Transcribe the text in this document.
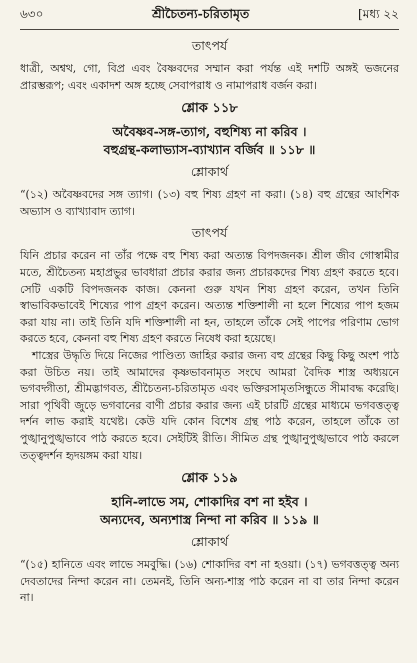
৬৩০	শ্রীচৈতন্য-চরিতামৃত	[মধ্য ২২
তাৎপর্য

ধাত্রী, অশ্বথ, গো, বিপ্র এবং বৈষ্ণবদের সম্মান করা পর্যন্ত এই দশটি অঙ্গই ভজনের প্রারম্ভরূপ; এবং একাদশ অঙ্গ হচ্ছে সেবাপরাধ ও নামাপরাধ বর্জন করা।

শ্লোক ১১৮

অবৈষ্ণব-সঙ্গ-ত্যাগ, বহুশিষ্য না করিব ।

বহুগ্রন্থ-কলাভ্যাস-ব্যাখ্যান বর্জিব ॥ ১১৮ ॥

শ্লোকার্থ

“(১২) অবৈষ্ণবদের সঙ্গ ত্যাগ। (১৩) বহু শিষ্য গ্রহণ না করা। (১৪) বহু গ্রন্থের আংশিক অভ্যাস ও ব্যাখ্যাবাদ ত্যাগ।

তাৎপর্য

যিনি প্রচার করেন না তাঁর পক্ষে বহু শিষ্য করা অত্যন্ত বিপদজনক। শ্রীল জীব গোস্বামীর মতে, শ্রীচৈতন্য মহাপ্রভুর ভাবধারা প্রচার করার জন্য প্রচারকদের শিষ্য গ্রহণ করতে হবে। সেটি একটি বিপদজনক কাজ। কেননা গুরু যখন শিষ্য গ্রহণ করেন, তখন তিনি স্বাভাবিকভাবেই শিষ্যের পাপ গ্রহণ করেন। অত্যন্ত শক্তিশালী না হলে শিষ্যের পাপ হজম করা যায় না। তাই তিনি যদি শক্তিশালী না হন, তাহলে তাঁকে সেই পাপের পরিণাম ভোগ করতে হবে, কেননা বহু শিষ্য গ্রহণ করতে নিষেধ করা হয়েছে।

শাস্ত্রের উদ্ধৃতি দিয়ে নিজের পাণ্ডিত্য জাহির করার জন্য বহু গ্রন্থের কিছু কিছু অংশ পাঠ করা উচিত নয়। তাই আমাদের কৃষ্ণভাবনামৃত সংঘে আমরা বৈদিক শাস্ত্র অধ্যয়নে ভগবদ্গীতা, শ্রীমদ্ভাগবত, শ্রীচৈতন্য-চরিতামৃত এবং ভক্তিরসামৃতসিন্ধুতে সীমাবদ্ধ করেছি। সারা পৃথিবী জুড়ে ভগবানের বাণী প্রচার করার জন্য এই চারটি গ্রন্থের মাধ্যমে ভগবত্তত্ত্ব দর্শন লাভ করাই যথেষ্ট। কেউ যদি কোন বিশেষ গ্রন্থ পাঠ করেন, তাহলে তাঁকে তা পুঙ্খানুপুঙ্খভাবে পাঠ করতে হবে। সেইটিই রীতি। সীমিত গ্রন্থ পুঙ্খানুপুঙ্খভাবে পাঠ করলে তত্ত্বদর্শন হৃদয়ঙ্গম করা যায়।

শ্লোক ১১৯

হানি-লাভে সম, শোকাদির বশ না হইব ।

অন্যদেব, অন্যশাস্ত্র নিন্দা না করিব ॥ ১১৯ ॥

শ্লোকার্থ

“(১৫) হানিতে এবং লাভে সমবুদ্ধি। (১৬) শোকাদির বশ না হওয়া। (১৭) ভগবত্তত্ত্ব অন্য দেবতাদের নিন্দা করেন না। তেমনই, তিনি অন্য-শাস্ত্র পাঠ করেন না বা তার নিন্দা করেন না।
